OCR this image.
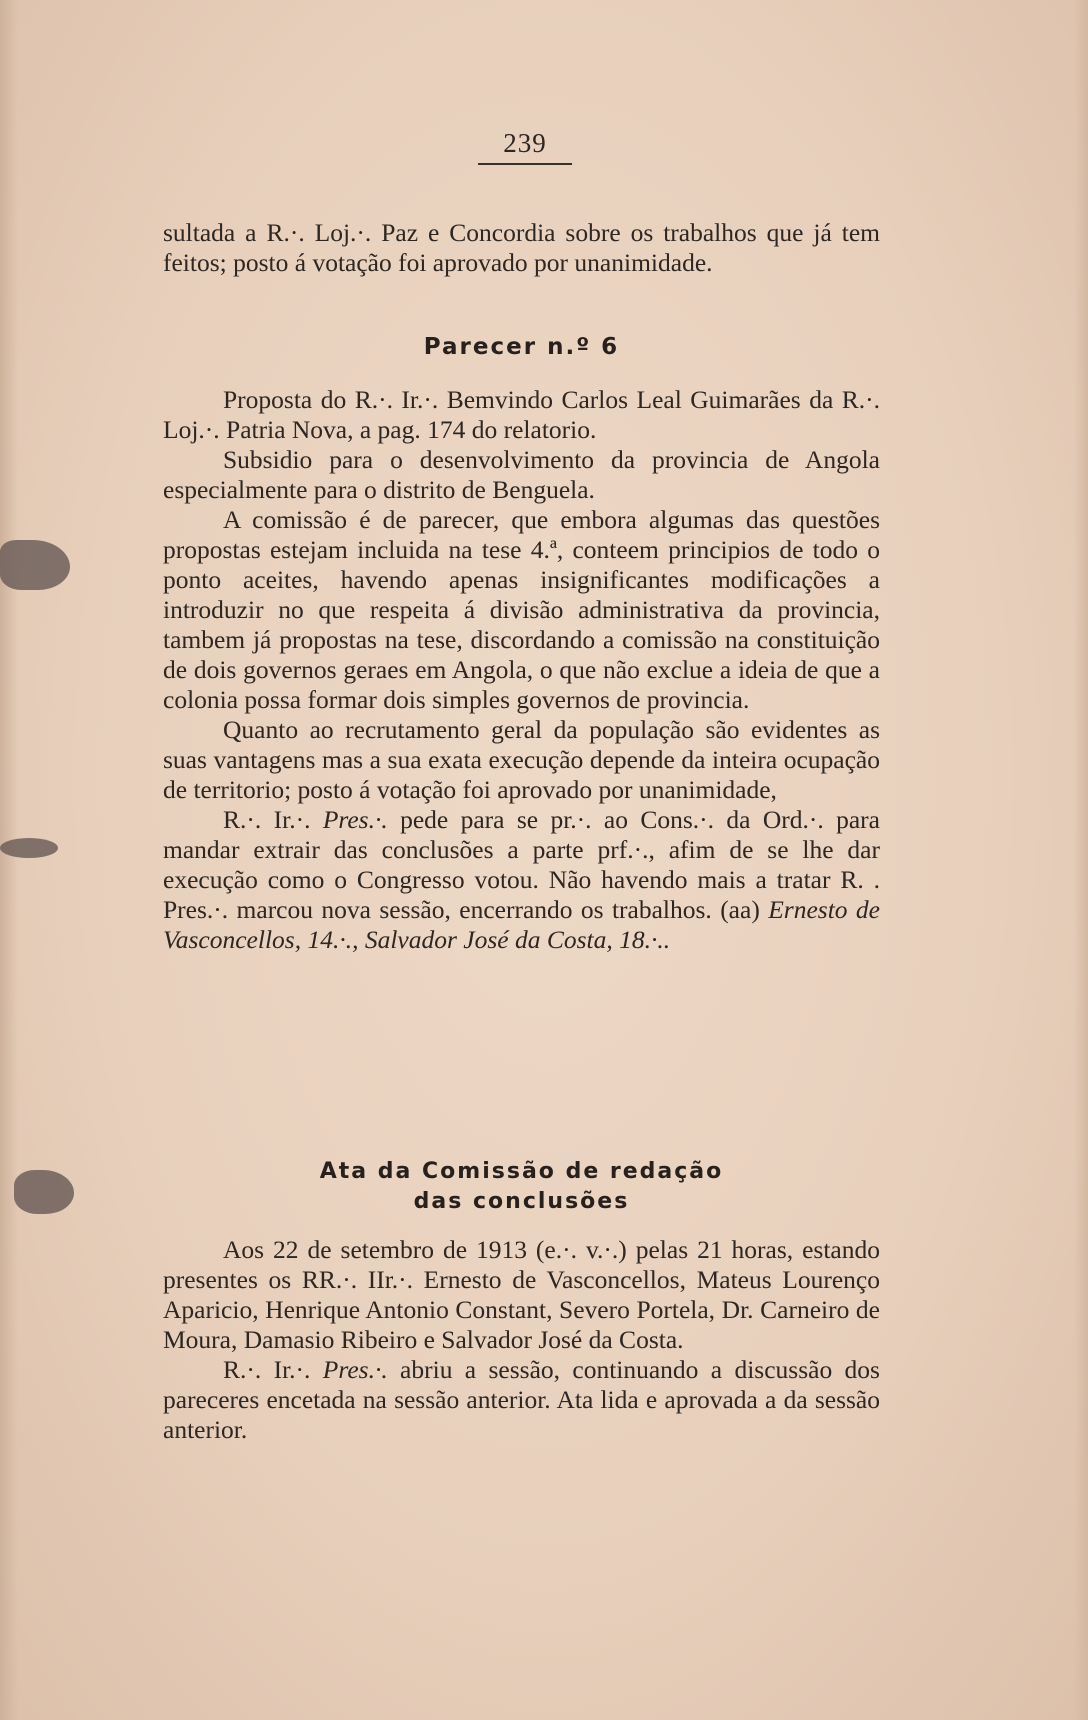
239

sultada a R.·. Loj.·. Paz e Concordia sobre os trabalhos que já tem feitos; posto á votação foi aprovado por unanimidade.

Parecer n.º 6

Proposta do R.·. Ir.·. Bemvindo Carlos Leal Guimarães da R.·. Loj.·. Patria Nova, a pag. 174 do relatorio.

Subsidio para o desenvolvimento da provincia de Angola especialmente para o distrito de Benguela.

A comissão é de parecer, que embora algumas das questões propostas estejam incluida na tese 4.ª, conteem principios de todo o ponto aceites, havendo apenas insignificantes modificações a introduzir no que respeita á divisão administrativa da provincia, tambem já propostas na tese, discordando a comissão na constituição de dois governos geraes em Angola, o que não exclue a ideia de que a colonia possa formar dois simples governos de provincia.

Quanto ao recrutamento geral da população são evidentes as suas vantagens mas a sua exata execução depende da inteira ocupação de territorio; posto á votação foi aprovado por unanimidade,

R.·. Ir.·. Pres.·. pede para se pr.·. ao Cons.·. da Ord.·. para mandar extrair das conclusões a parte prf.·., afim de se lhe dar execução como o Congresso votou. Não havendo mais a tratar R. . Pres.·. marcou nova sessão, encerrando os trabalhos. (aa) Ernesto de Vasconcellos, 14.·., Salvador José da Costa, 18.·..

Ata da Comissão de redação
das conclusões

Aos 22 de setembro de 1913 (e.·. v.·.) pelas 21 horas, estando presentes os RR.·. IIr.·. Ernesto de Vasconcellos, Mateus Lourenço Aparicio, Henrique Antonio Constant, Severo Portela, Dr. Carneiro de Moura, Damasio Ribeiro e Salvador José da Costa.

R.·. Ir.·. Pres.·. abriu a sessão, continuando a discussão dos pareceres encetada na sessão anterior. Ata lida e aprovada a da sessão anterior.
